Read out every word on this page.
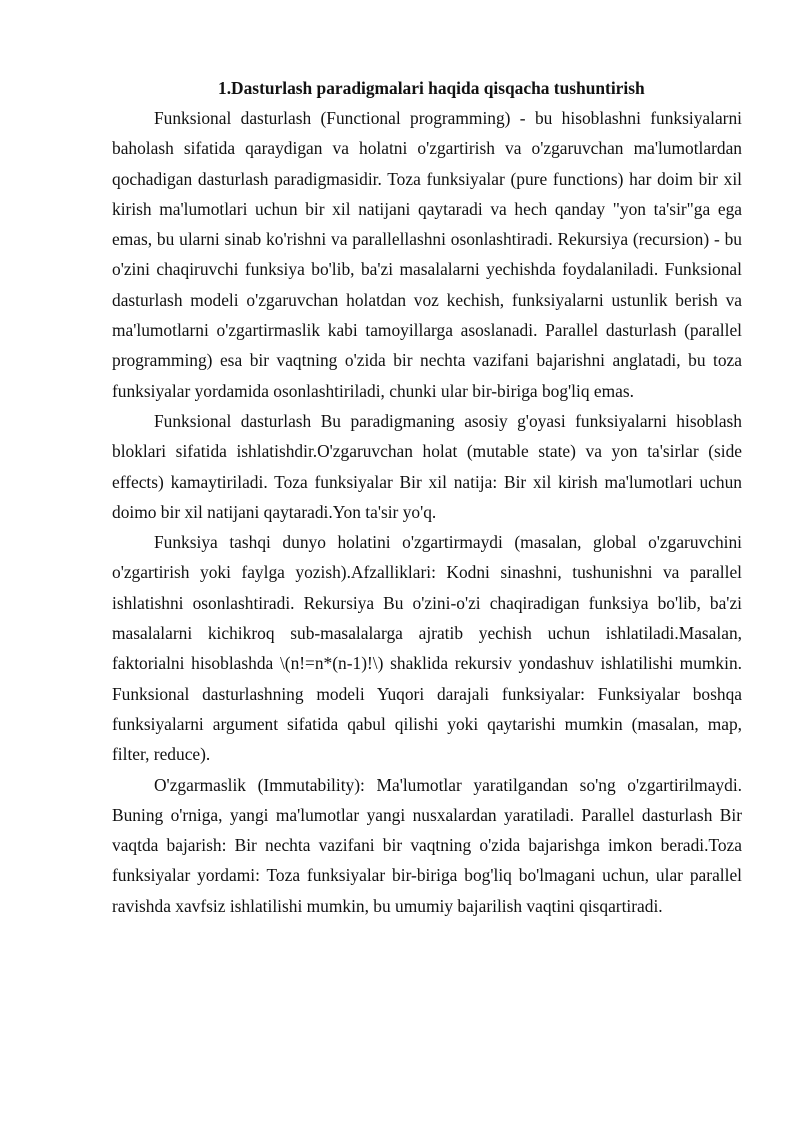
1.Dasturlash paradigmalari haqida qisqacha tushuntirish

Funksional dasturlash (Functional programming) - bu hisoblashni funksiyalarni baholash sifatida qaraydigan va holatni o'zgartirish va o'zgaruvchan ma'lumotlardan qochadigan dasturlash paradigmasidir. Toza funksiyalar (pure functions) har doim bir xil kirish ma'lumotlari uchun bir xil natijani qaytaradi va hech qanday "yon ta'sir"ga ega emas, bu ularni sinab ko'rishni va parallellashni osonlashtiradi. Rekursiya (recursion) - bu o'zini chaqiruvchi funksiya bo'lib, ba'zi masalalarni yechishda foydalaniladi. Funksional dasturlash modeli o'zgaruvchan holatdan voz kechish, funksiyalarni ustunlik berish va ma'lumotlarni o'zgartirmaslik kabi tamoyillarga asoslanadi. Parallel dasturlash (parallel programming) esa bir vaqtning o'zida bir nechta vazifani bajarishni anglatadi, bu toza funksiyalar yordamida osonlashtiriladi, chunki ular bir-biriga bog'liq emas.

Funksional dasturlash Bu paradigmaning asosiy g'oyasi funksiyalarni hisoblash bloklari sifatida ishlatishdir.O'zgaruvchan holat (mutable state) va yon ta'sirlar (side effects) kamaytiriladi. Toza funksiyalar Bir xil natija: Bir xil kirish ma'lumotlari uchun doimo bir xil natijani qaytaradi.Yon ta'sir yo'q.

Funksiya tashqi dunyo holatini o'zgartirmaydi (masalan, global o'zgaruvchini o'zgartirish yoki faylga yozish).Afzalliklari: Kodni sinashni, tushunishni va parallel ishlatishni osonlashtiradi. Rekursiya Bu o'zini-o'zi chaqiradigan funksiya bo'lib, ba'zi masalalarni kichikroq sub-masalalarga ajratib yechish uchun ishlatiladi.Masalan, faktorialni hisoblashda \(n!=n*(n-1)!\) shaklida rekursiv yondashuv ishlatilishi mumkin. Funksional dasturlashning modeli Yuqori darajali funksiyalar: Funksiyalar boshqa funksiyalarni argument sifatida qabul qilishi yoki qaytarishi mumkin (masalan, map, filter, reduce).

O'zgarmaslik (Immutability): Ma'lumotlar yaratilgandan so'ng o'zgartirilmaydi. Buning o'rniga, yangi ma'lumotlar yangi nusxalardan yaratiladi. Parallel dasturlash Bir vaqtda bajarish: Bir nechta vazifani bir vaqtning o'zida bajarishga imkon beradi.Toza funksiyalar yordami: Toza funksiyalar bir-biriga bog'liq bo'lmagani uchun, ular parallel ravishda xavfsiz ishlatilishi mumkin, bu umumiy bajarilish vaqtini qisqartiradi.
